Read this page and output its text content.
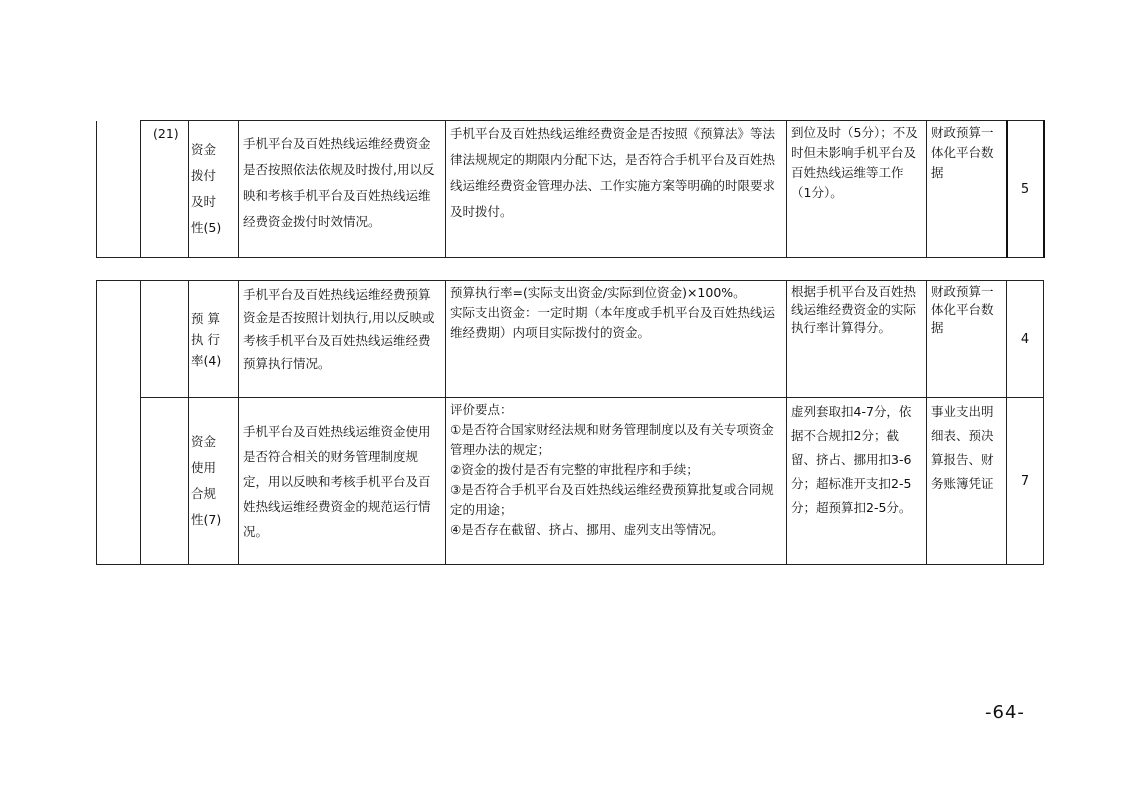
	(21)	
资金
拨付
及时
性(5)
	手机平台及百姓热线运维经费资金是否按照依法依规及时拨付,用以反映和考核手机平台及百姓热线运维经费资金拨付时效情况。	手机平台及百姓热线运维经费资金是否按照《预算法》等法律法规规定的期限内分配下达，是否符合手机平台及百姓热线运维经费资金管理办法、工作实施方案等明确的时限要求及时拨付。	到位及时（5分）；不及时但未影响手机平台及百姓热线运维等工作（1分）。	财政预算一体化平台数据	5

		预 算
执 行
率(4)	手机平台及百姓热线运维经费预算资金是否按照计划执行,用以反映或考核手机平台及百姓热线运维经费预算执行情况。	预算执行率=(实际支出资金/实际到位资金)×100%。
实际支出资金：一定时期（本年度或手机平台及百姓热线运维经费期）内项目实际拨付的资金。	根据手机平台及百姓热线运维经费资金的实际执行率计算得分。	财政预算一体化平台数据	4

		资金
使用
合规
性(7)	手机平台及百姓热线运维资金使用是否符合相关的财务管理制度规定，用以反映和考核手机平台及百姓热线运维经费资金的规范运行情况。	评价要点：
①是否符合国家财经法规和财务管理制度以及有关专项资金管理办法的规定；
②资金的拨付是否有完整的审批程序和手续；
③是否符合手机平台及百姓热线运维经费预算批复或合同规定的用途；
④是否存在截留、挤占、挪用、虚列支出等情况。	虚列套取扣4-7分，依据不合规扣2分；截留、挤占、挪用扣3-6分；超标准开支扣2-5分；超预算扣2-5分。	事业支出明细表、预决算报告、财务账簿凭证	7
-64-
